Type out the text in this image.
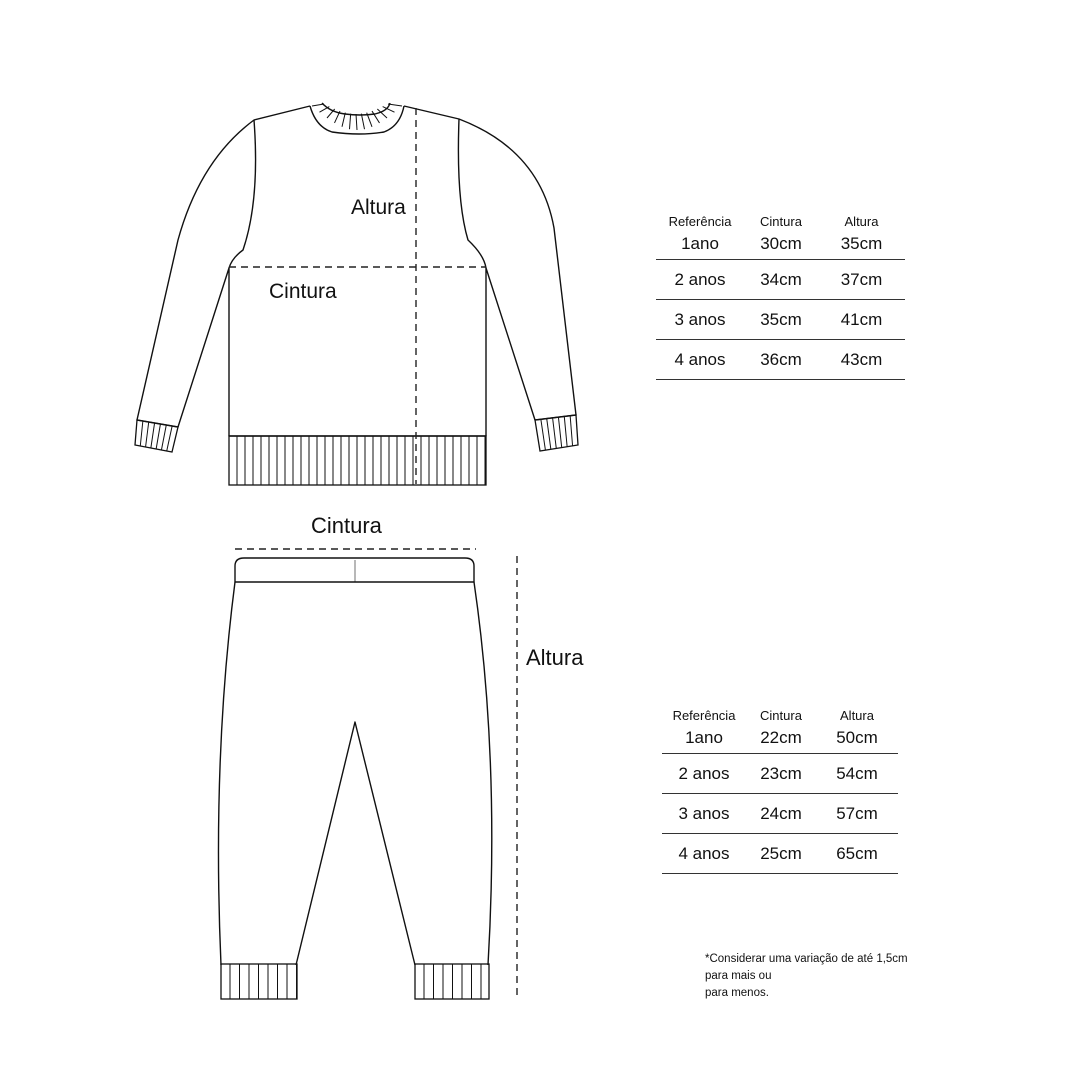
Altura
Cintura
Cintura
Altura
Referência	Cintura	Altura
1ano	30cm	35cm
2 anos	34cm	37cm
3 anos	35cm	41cm
4 anos	36cm	43cm
Referência	Cintura	Altura
1ano	22cm	50cm
2 anos	23cm	54cm
3 anos	24cm	57cm
4 anos	25cm	65cm
*Considerar uma variação de até 1,5cm
para mais ou
para menos.
